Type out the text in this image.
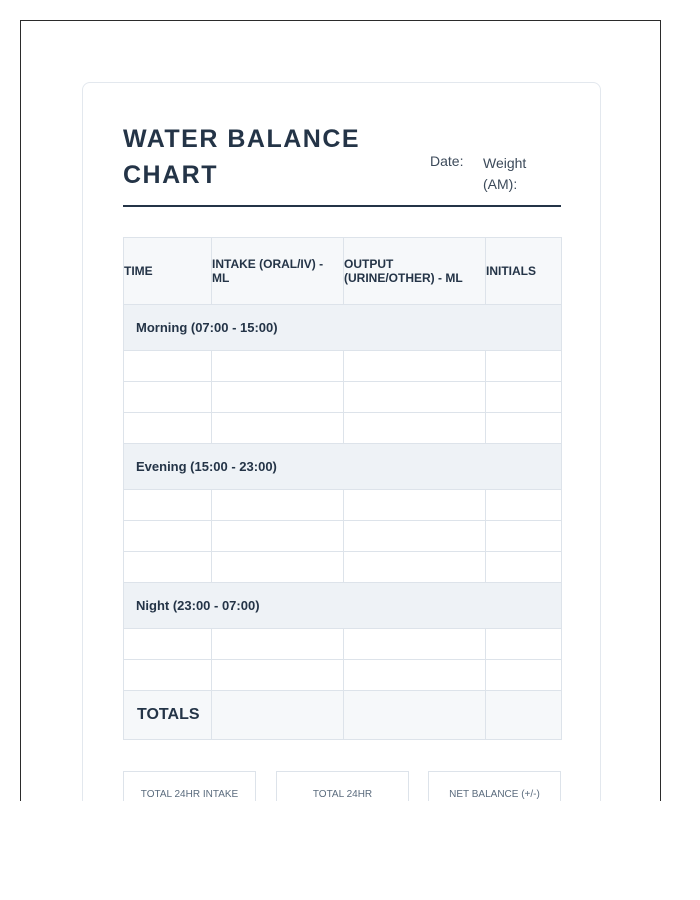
WATER BALANCE CHART	Date: Weight (AM):
TIME	INTAKE (ORAL/IV) - ML	OUTPUT (URINE/OTHER) - ML	INITIALS
Morning (07:00 - 15:00)			

Evening (15:00 - 23:00)			

Night (23:00 - 07:00)			

TOTALS			
TOTAL 24HR INTAKE	TOTAL 24HR	NET BALANCE (+/-)
